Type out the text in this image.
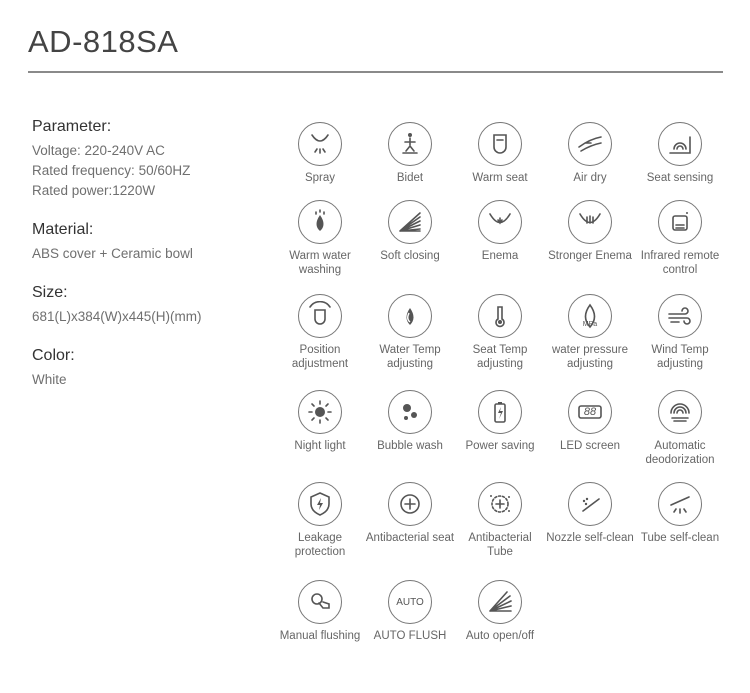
AD-818SA
Parameter:

Voltage: 220-240V AC

Rated frequency: 50/60HZ

Rated power:1220W

Material:

ABS cover + Ceramic bowl

Size:

681(L)x384(W)x445(H)(mm)

Color:

White

Spray	Bidet	Warm seat	Air dry	Seat sensing
Warm water washing
Soft closing	Enema	Stronger Enema Infrared remote control
Position adjustment
Water Temp adjusting
Seat Temp adjusting
MPa
water pressure adjusting
Wind Temp adjusting
Night light	Bubble wash	Power saving
88
LED screen	Automatic deodorization
Leakage protection
Antibacterial seat	Antibacterial Tube
Nozzle self-clean Tube self-clean
Manual flushing
AUTO
AUTO FLUSH	Auto open/off
